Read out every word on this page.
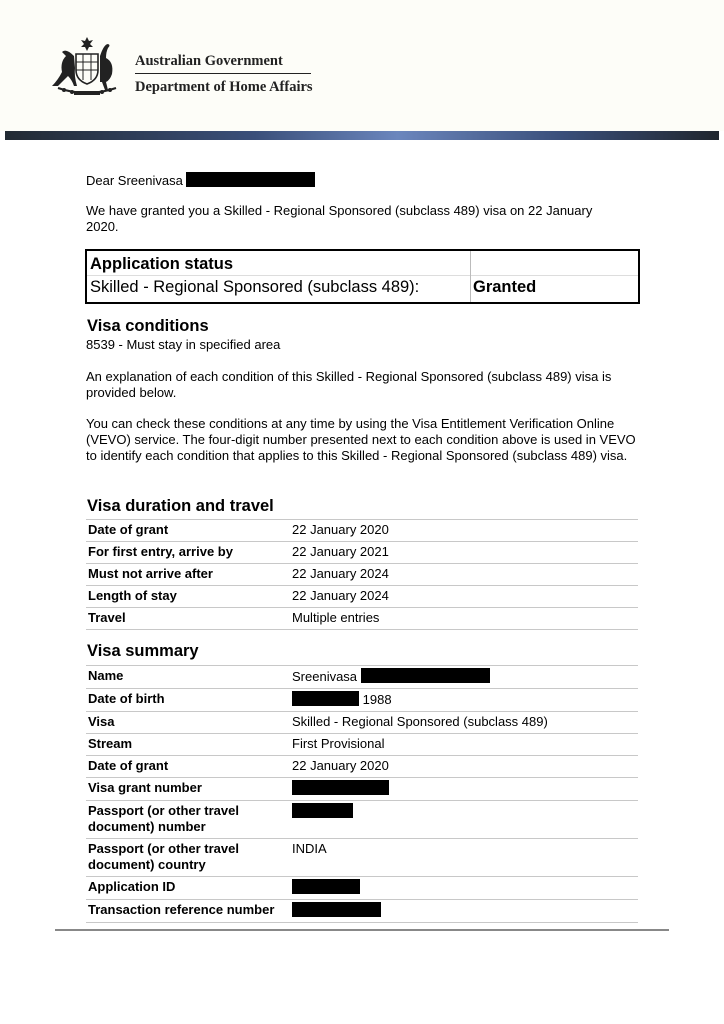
Australian Government
Department of Home Affairs

Dear Sreenivasa

We have granted you a Skilled - Regional Sponsored (subclass 489) visa on 22 January 2020.

Application status
Skilled - Regional Sponsored (subclass 489):	Granted
Visa conditions

8539 - Must stay in specified area

An explanation of each condition of this Skilled - Regional Sponsored (subclass 489) visa is provided below.

You can check these conditions at any time by using the Visa Entitlement Verification Online (VEVO) service. The four-digit number presented next to each condition above is used in VEVO to identify each condition that applies to this Skilled - Regional Sponsored (subclass 489) visa.

Visa duration and travel
Date of grant	22 January 2020
For first entry, arrive by	22 January 2021
Must not arrive after	22 January 2024
Length of stay	22 January 2024
Travel	Multiple entries
Visa summary
Name	Sreenivasa
Date of birth	1988
Visa	Skilled - Regional Sponsored (subclass 489)
Stream	First Provisional
Date of grant	22 January 2020
Visa grant number	
Passport (or other travel document) number	
Passport (or other travel document) country	INDIA
Application ID	
Transaction reference number	
